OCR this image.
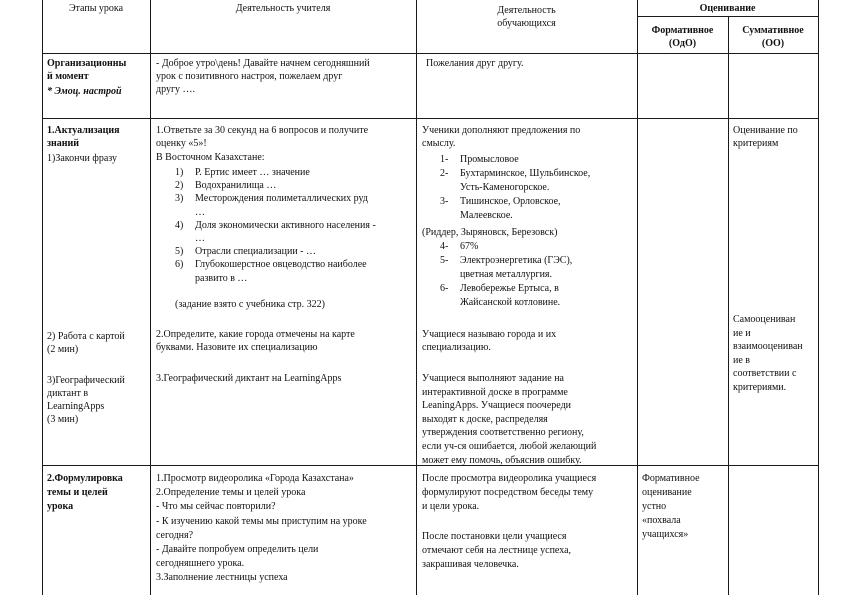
Этапы урока	Деятельность учителя	Деятельность
обучающихся
Оценивание
Формативное
(ОдО)
Суммативное
(ОО)
Организационны
й момент
* Эмоц. настрой
- Доброе утро\день! Давайте начнем сегодняшний
урок с позитивного настроя, пожелаем друг
другу ….
Пожелания друг другу.
1.Актуализация
знаний
1)Закончи фразу
2) Работа с картой
(2 мин)
3)Географический
диктант в
LearningApps
(3 мин)
1.Ответьте за 30 секунд на 6 вопросов и получите
оценку «5»!
В Восточном Казахстане:
1) Р. Ертис имеет … значение
2) Водохранилища …
3) Месторождения полиметаллических руд
…
4) Доля экономически активного населения -
…
5) Отрасли специализации - …
6) Глубокошерстное овцеводство наиболее
развито в …
(задание взято с учебника стр. 322)
2.Определите, какие города отмечены на карте
буквами. Назовите их специализацию
3.Географический диктант на LearningApps
Ученики дополняют предложения по
смыслу.
1- Промысловое
2- Бухтарминское, Шульбинское,
Усть-Каменогорское.
3- Тишинское, Орловское,
Малеевское.
(Риддер, Зыряновск, Березовск)
4- 67%
5- Электроэнергетика (ГЭС),
цветная металлургия.
6- Левобережье Ертыса, в
Жайсанской котловине.
Учащиеся называю города и их
специализацию.
Учащиеся выполняют задание на
интерактивной доске в программе
LeaningApps. Учащиеся поочереди
выходят к доске, распределяя
утверждения соответственно региону,
если уч-ся ошибается, любой желающий
может ему помочь, объяснив ошибку.
Оценивание по
критериям
Самооцениван
ие и
взаимооцениван
ие в
соответствии с
критериями.
2.Формулировка
темы и целей
урока
1.Просмотр видеоролика «Города Казахстана»
2.Определение темы и целей урока
- Что мы сейчас повторили?
- К изучению какой темы мы приступим на уроке
сегодня?
- Давайте попробуем определить цели
сегодняшнего урока.
3.Заполнение лестницы успеха
После просмотра видеоролика учащиеся
формулируют посредством беседы тему
и цели урока.
После постановки цели учащиеся
отмечают себя на лестнице успеха,
закрашивая человечка.
Формативное
оценивание
устно
«похвала
учащихся»
